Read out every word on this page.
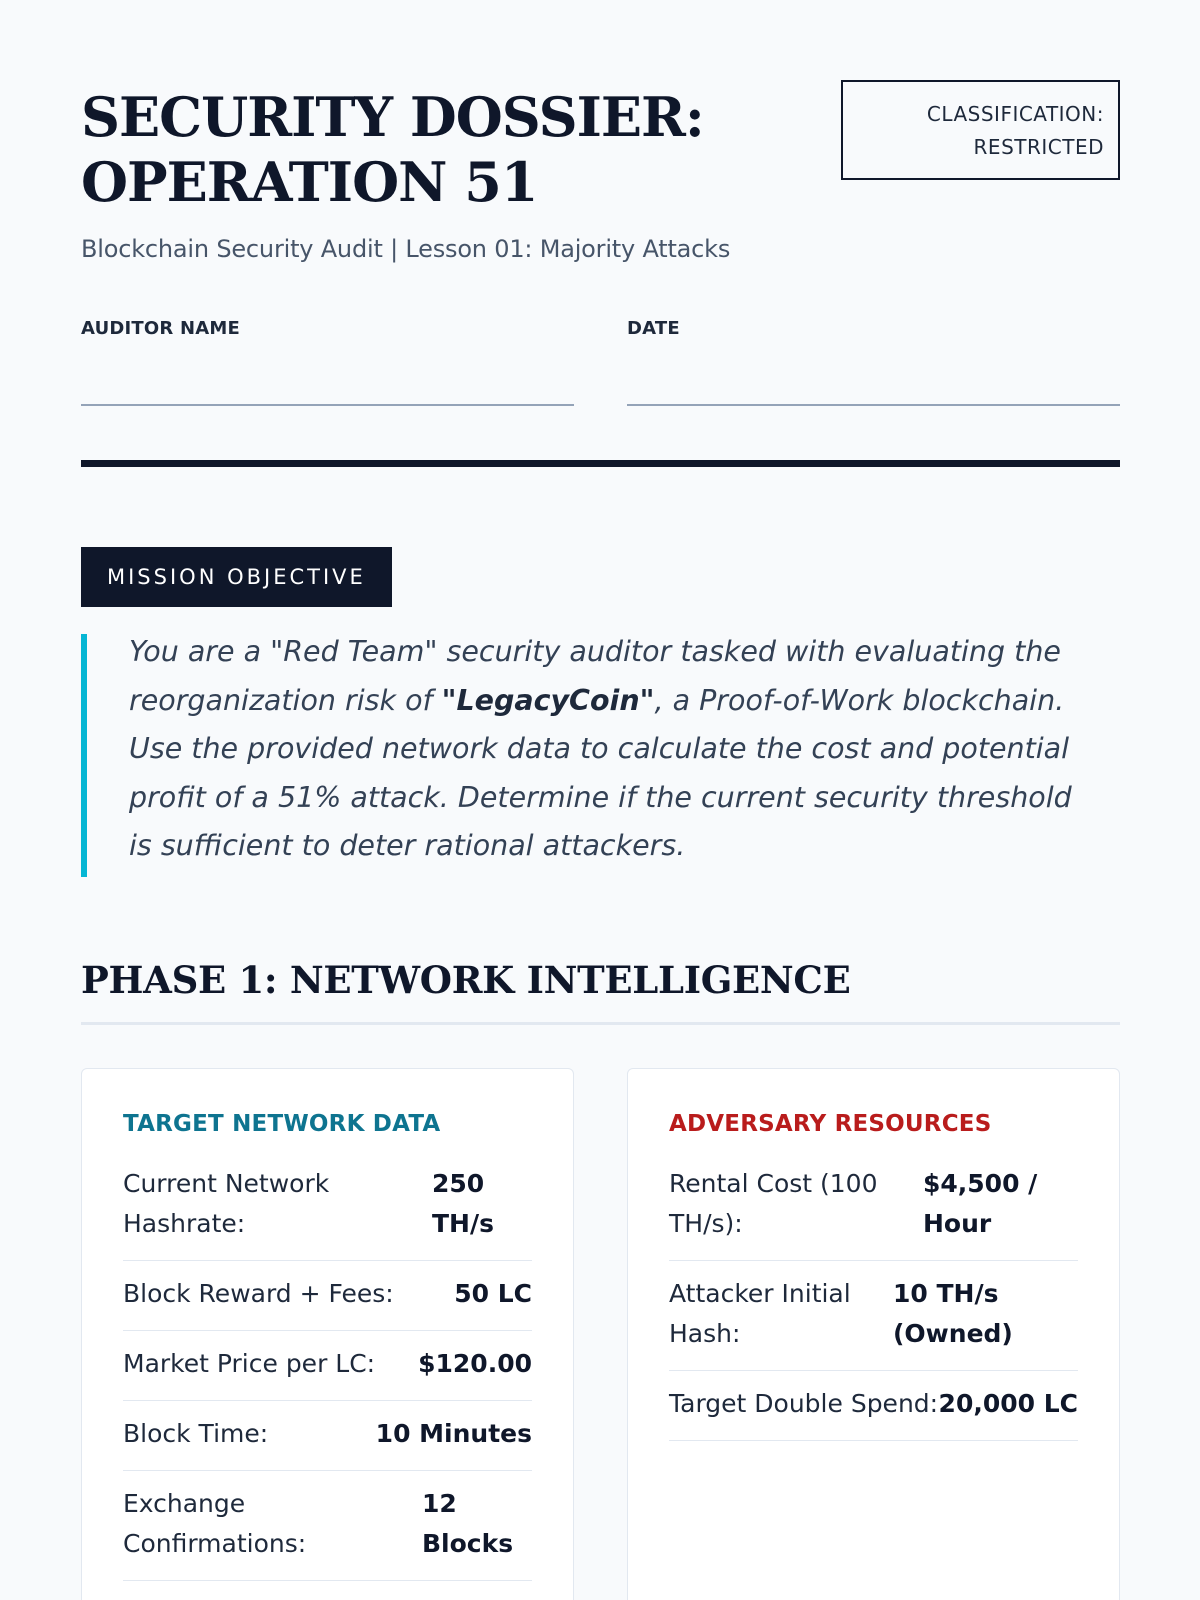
SECURITY DOSSIER:
OPERATION 51
Blockchain Security Audit | Lesson 01: Majority Attacks
CLASSIFICATION:
RESTRICTED
AUDITOR NAME	DATE
MISSION OBJECTIVE

You are a "Red Team" security auditor tasked with evaluating the reorganization risk of "LegacyCoin", a Proof-of-Work blockchain. Use the provided network data to calculate the cost and potential profit of a 51% attack. Determine if the current security threshold is sufficient to deter rational attackers.

PHASE 1: NETWORK INTELLIGENCE
TARGET NETWORK DATA
Current Network Hashrate:
250 TH/s
Block Reward + Fees: 50 LC
Market Price per LC: $120.00
Block Time:	10 Minutes
Exchange Confirmations:
12 Blocks
ADVERSARY RESOURCES
Rental Cost (100 TH/s):
$4,500 / Hour
Attacker Initial Hash:
10 TH/s (Owned)
Target Double Spend: 20,000 LC
